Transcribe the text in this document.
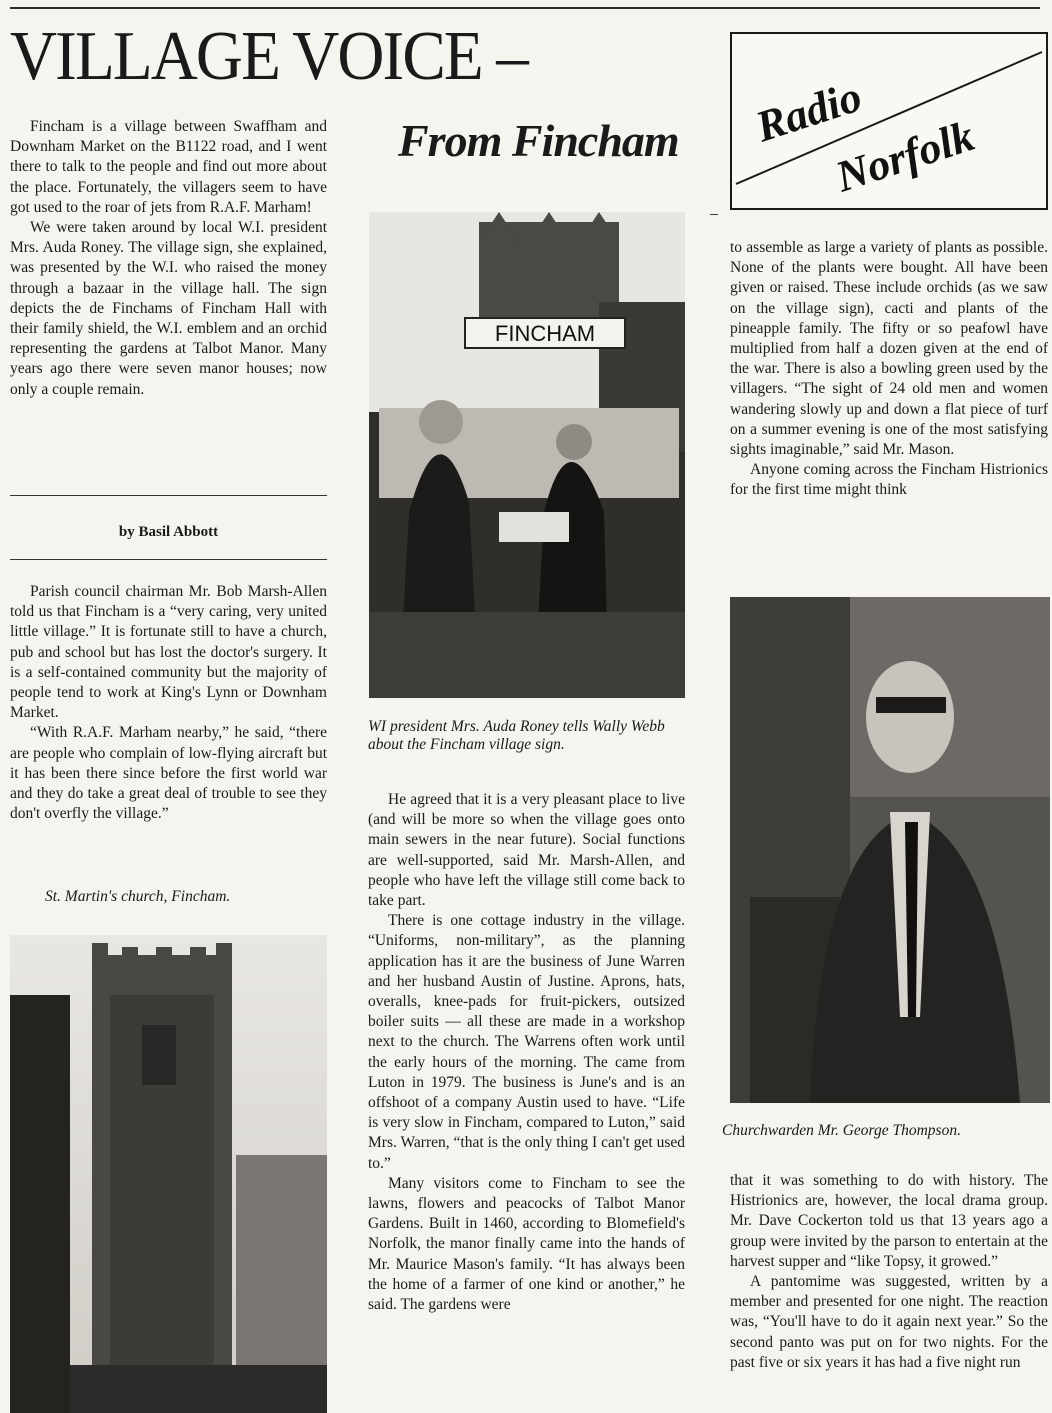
VILLAGE VOICE –
From Fincham Radio
Norfolk

Fincham is a village between Swaffham and Downham Market on the B1122 road, and I went there to talk to the people and find out more about the place. Fortunately, the villagers seem to have got used to the roar of jets from R.A.F. Marham!

We were taken around by local W.I. president Mrs. Auda Roney. The village sign, she explained, was presented by the W.I. who raised the money through a bazaar in the village hall. The sign depicts the de Finchams of Fincham Hall with their family shield, the W.I. emblem and an orchid representing the gardens at Talbot Manor. Many years ago there were seven manor houses; now only a couple remain.

by Basil Abbott

Parish council chairman Mr. Bob Marsh-Allen told us that Fincham is a “very caring, very united little village.” It is fortunate still to have a church, pub and school but has lost the doctor's surgery. It is a self-contained community but the majority of people tend to work at King's Lynn or Downham Market.

“With R.A.F. Marham nearby,” he said, “there are people who complain of low-flying aircraft but it has been there since before the first world war and they do take a great deal of trouble to see they don't overfly the village.”

St. Martin's church, Fincham.
FINCHAM
WI president Mrs. Auda Roney tells Wally Webb about the Fincham village sign.

He agreed that it is a very pleasant place to live (and will be more so when the village goes onto main sewers in the near future). Social functions are well-supported, said Mr. Marsh-Allen, and people who have left the village still come back to take part.

There is one cottage industry in the village. “Uniforms, non-military”, as the planning application has it are the business of June Warren and her husband Austin of Justine. Aprons, hats, overalls, knee-pads for fruit-pickers, outsized boiler suits — all these are made in a workshop next to the church. The Warrens often work until the early hours of the morning. The came from Luton in 1979. The business is June's and is an offshoot of a company Austin used to have. “Life is very slow in Fincham, compared to Luton,” said Mrs. Warren, “that is the only thing I can't get used to.”

Many visitors come to Fincham to see the lawns, flowers and peacocks of Talbot Manor Gardens. Built in 1460, according to Blomefield's Norfolk, the manor finally came into the hands of Mr. Maurice Mason's family. “It has always been the home of a farmer of one kind or another,” he said. The gardens were

to assemble as large a variety of plants as possible. None of the plants were bought. All have been given or raised. These include orchids (as we saw on the village sign), cacti and plants of the pineapple family. The fifty or so peafowl have multiplied from half a dozen given at the end of the war. There is also a bowling green used by the villagers. “The sight of 24 old men and women wandering slowly up and down a flat piece of turf on a summer evening is one of the most satisfying sights imaginable,” said Mr. Mason.

Anyone coming across the Fincham Histrionics for the first time might think

Churchwarden Mr. George Thompson.

that it was something to do with history. The Histrionics are, however, the local drama group. Mr. Dave Cockerton told us that 13 years ago a group were invited by the parson to entertain at the harvest supper and “like Topsy, it growed.”

A pantomime was suggested, written by a member and presented for one night. The reaction was, “You'll have to do it again next year.” So the second panto was put on for two nights. For the past five or six years it has had a five night run
